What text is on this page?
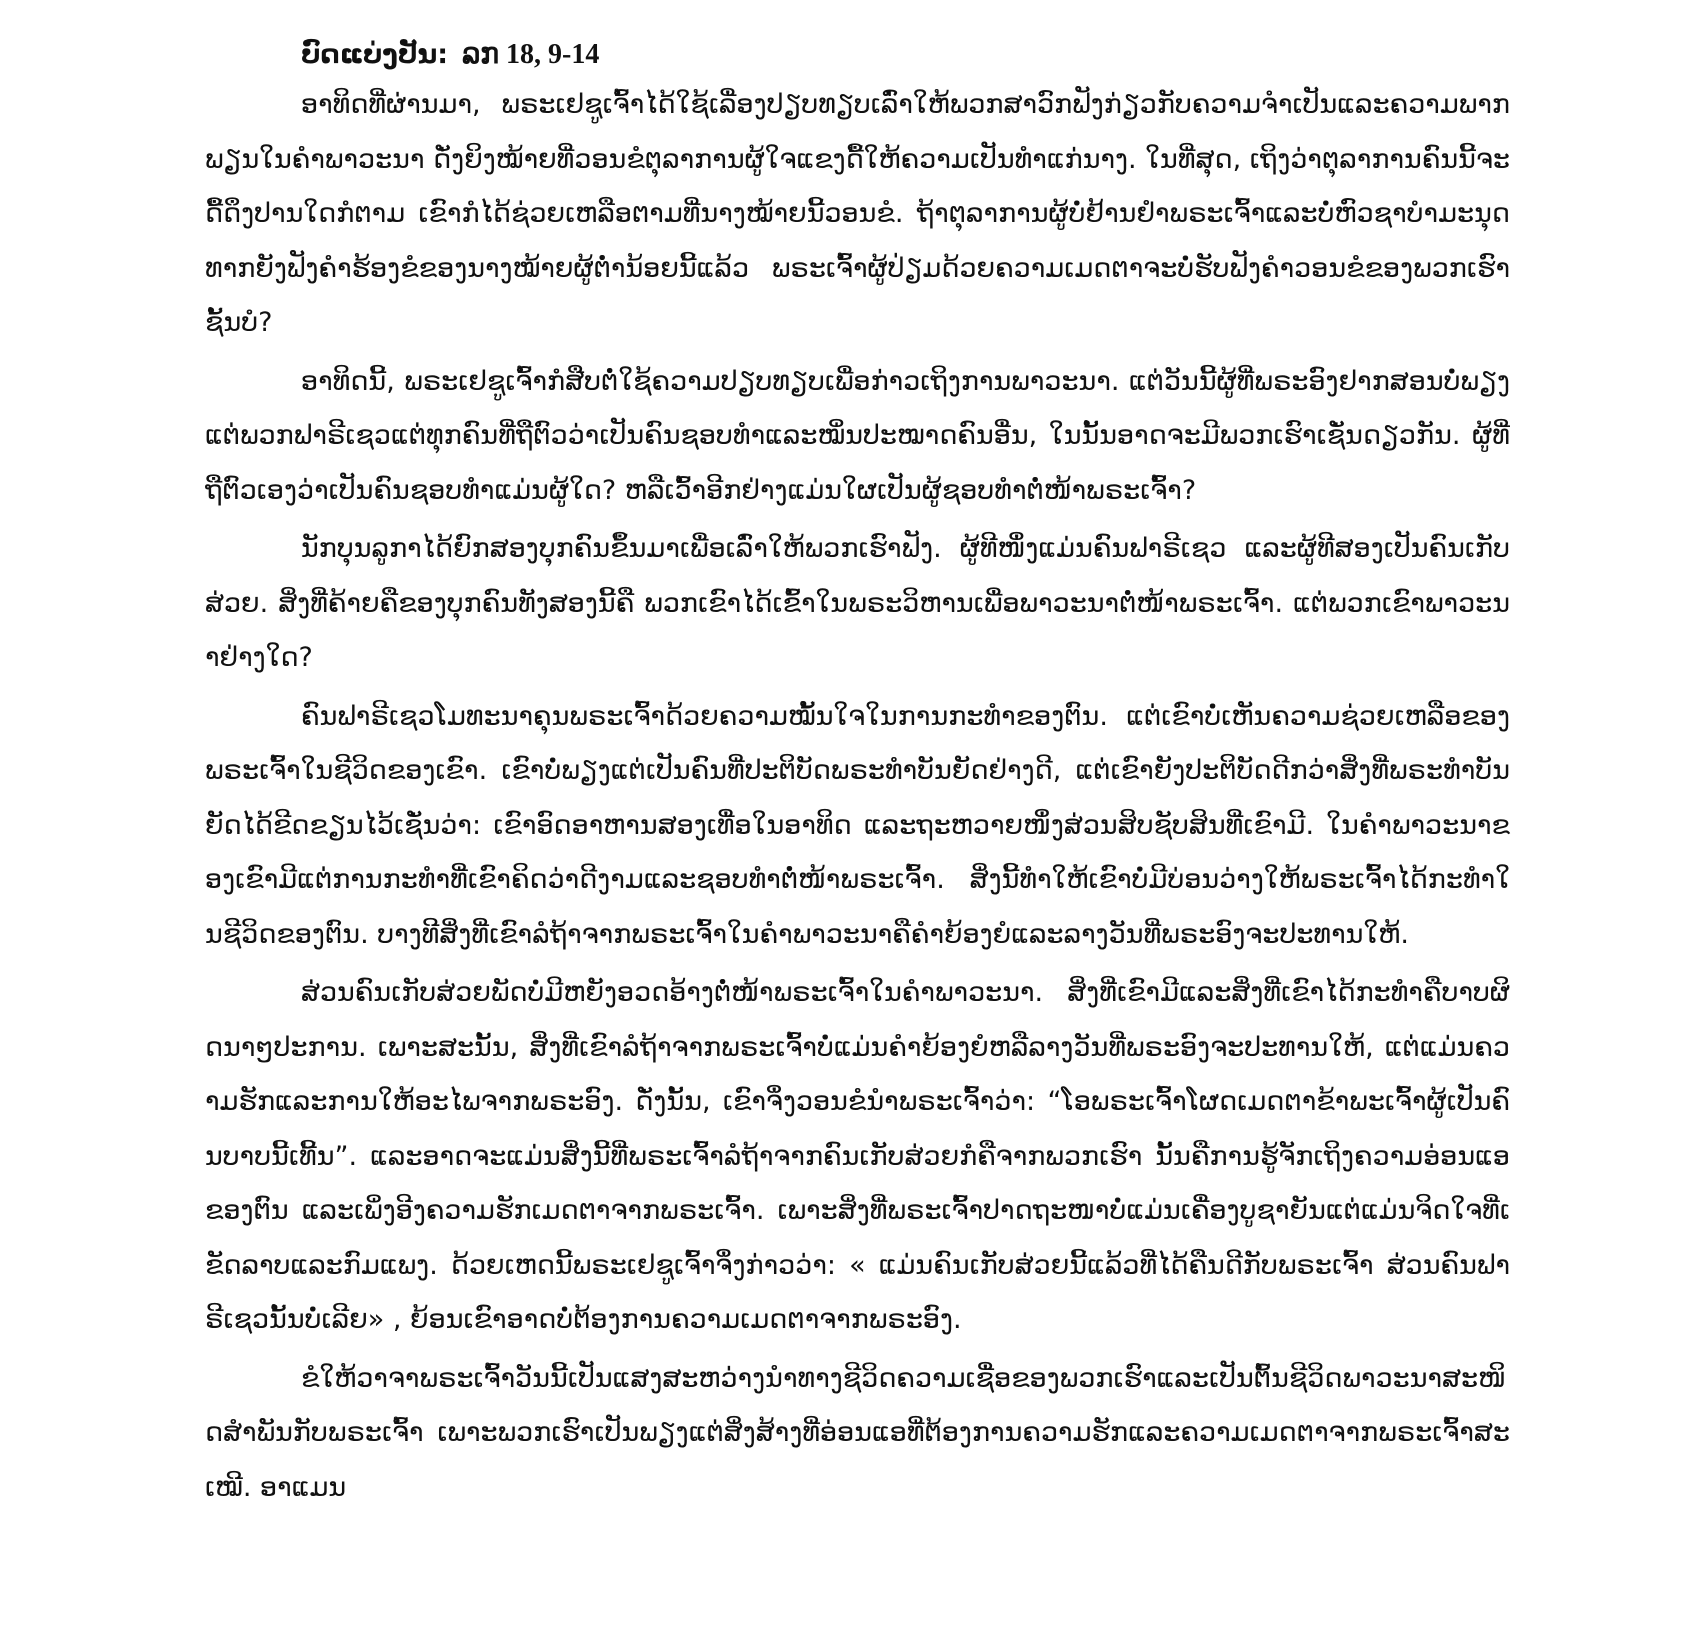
ບົດແບ່ງປັນ: ລກ 18, 9-14

ອາທິດທີ່ຜ່ານມາ, ພຣະເຢຊູເຈົ້າໄດ້ໃຊ້ເລື່ອງປຽບທຽບເລົ່າໃຫ້ພວກສາວົກຟັງກ່ຽວກັບຄວາມຈຳເປັນແລະຄວາມພາກພຽນໃນຄຳພາວະນາ ດັ່ງຍິງໝ້າຍທີ່ວອນຂໍຕຸລາການຜູ້ໃຈແຂງດື້ໃຫ້ຄວາມເປັນທຳແກ່ນາງ. ໃນທີ່ສຸດ, ເຖິງວ່າຕຸລາການຄົນນີ້ຈະດື້ດຶງປານໃດກໍຕາມ ເຂົາກໍໄດ້ຊ່ວຍເຫລືອຕາມທີ່ນາງໝ້າຍນີ້ວອນຂໍ. ຖ້າຕຸລາການຜູ້ບໍ່ຢ້ານຢຳພຣະເຈົ້າແລະບໍ່ຫົວຊາບຳມະນຸດທາກຍັງຟັງຄຳຮ້ອງຂໍຂອງນາງໝ້າຍຜູ້ຕ່ຳນ້ອຍນີ້ແລ້ວ ພຣະເຈົ້າຜູ້ປ່ຽມດ້ວຍຄວາມເມດຕາຈະບໍ່ຮັບຟັງຄຳວອນຂໍຂອງພວກເຮົາຊັ້ນບໍ?

ອາທິດນີ້, ພຣະເຢຊູເຈົ້າກໍສືບຕໍ່ໃຊ້ຄວາມປຽບທຽບເພື່ອກ່າວເຖິງການພາວະນາ. ແຕ່ວັນນີ້ຜູ້ທີ່ພຣະອົງຢາກສອນບໍ່ພຽງແຕ່ພວກຟາຣີເຊວແຕ່ທຸກຄົນທີ່ຖືຕົວວ່າເປັນຄົນຊອບທຳແລະໝິ່ນປະໝາດຄົນອື່ນ, ໃນນັ້ນອາດຈະມີພວກເຮົາເຊັ່ນດຽວກັນ. ຜູ້ທີ່ຖືຕົວເອງວ່າເປັນຄົນຊອບທຳແມ່ນຜູ້ໃດ? ຫລືເວົ້າອີກຢ່າງແມ່ນໃຜເປັນຜູ້ຊອບທຳຕໍ່ໜ້າພຣະເຈົ້າ?

ນັກບຸນລູກາໄດ້ຍົກສອງບຸກຄົນຂຶ້ນມາເພື່ອເລົ່າໃຫ້ພວກເຮົາຟັງ. ຜູ້ທີໜຶ່ງແມ່ນຄົນຟາຣີເຊວ ແລະຜູ້ທີສອງເປັນຄົນເກັບສ່ວຍ. ສິ່ງທີ່ຄ້າຍຄືຂອງບຸກຄົນທັງສອງນີ້ຄື ພວກເຂົາໄດ້ເຂົ້າໃນພຣະວິຫານເພື່ອພາວະນາຕໍ່ໜ້າພຣະເຈົ້າ. ແຕ່ພວກເຂົາພາວະນາຢ່າງໃດ?

ຄົນຟາຣີເຊວໂມທະນາຄຸນພຣະເຈົ້າດ້ວຍຄວາມໝັ້ນໃຈໃນການກະທຳຂອງຕົນ. ແຕ່ເຂົາບໍ່ເຫັນຄວາມຊ່ວຍເຫລືອຂອງພຣະເຈົ້າໃນຊີວິດຂອງເຂົາ. ເຂົາບໍ່ພຽງແຕ່ເປັນຄົນທີ່ປະຕິບັດພຣະທຳບັນຍັດຢ່າງດີ, ແຕ່ເຂົາຍັງປະຕິບັດດີກວ່າສິ່ງທີ່ພຣະທຳບັນຍັດໄດ້ຂີດຂຽນໄວ້ເຊັ່ນວ່າ: ເຂົາອົດອາຫານສອງເທື່ອໃນອາທິດ ແລະຖະຫວາຍໜຶ່ງສ່ວນສິບຊັບສິນທີ່ເຂົາມີ. ໃນຄຳພາວະນາຂອງເຂົາມີແຕ່ການກະທຳທີ່ເຂົາຄິດວ່າດີງາມແລະຊອບທຳຕໍ່ໜ້າພຣະເຈົ້າ. ສິ່ງນີ້ທຳໃຫ້ເຂົາບໍ່ມີບ່ອນວ່າງໃຫ້ພຣະເຈົ້າໄດ້ກະທຳໃນຊີວິດຂອງຕົນ. ບາງທີສິ່ງທີ່ເຂົາລໍຖ້າຈາກພຣະເຈົ້າໃນຄຳພາວະນາຄືຄຳຍ້ອງຍໍແລະລາງວັນທີ່ພຣະອົງຈະປະທານໃຫ້.

ສ່ວນຄົນເກັບສ່ວຍພັດບໍ່ມີຫຍັງອວດອ້າງຕໍ່ໜ້າພຣະເຈົ້າໃນຄຳພາວະນາ. ສິ່ງທີ່ເຂົາມີແລະສິ່ງທີ່ເຂົາໄດ້ກະທຳຄືບາບຜິດນາໆປະການ. ເພາະສະນັ້ນ, ສິ່ງທີ່ເຂົາລໍຖ້າຈາກພຣະເຈົ້າບໍ່ແມ່ນຄຳຍ້ອງຍໍຫລືລາງວັນທີ່ພຣະອົງຈະປະທານໃຫ້, ແຕ່ແມ່ນຄວາມຮັກແລະການໃຫ້ອະໄພຈາກພຣະອົງ. ດັ່ງນັ້ນ, ເຂົາຈຶ່ງວອນຂໍນຳພຣະເຈົ້າວ່າ: “ໂອພຣະເຈົ້າໂຜດເມດຕາຂ້າພະເຈົ້າຜູ້ເປັນຄົນບາບນີ້ເທີ້ນ”. ແລະອາດຈະແມ່ນສິ່ງນີ້ທີ່ພຣະເຈົ້າລໍຖ້າຈາກຄົນເກັບສ່ວຍກໍຄືຈາກພວກເຮົາ ນັ້ນຄືການຮູ້ຈັກເຖິງຄວາມອ່ອນແອຂອງຕົນ ແລະເພິ່ງອີງຄວາມຮັກເມດຕາຈາກພຣະເຈົ້າ. ເພາະສິ່ງທີ່ພຣະເຈົ້າປາດຖະໜາບໍ່ແມ່ນເຄື່ອງບູຊາຍັນແຕ່ແມ່ນຈິດໃຈທີ່ເຂັດລາບແລະກົມແພງ. ດ້ວຍເຫດນີ້ພຣະເຢຊູເຈົ້າຈຶ່ງກ່າວວ່າ: « ແມ່ນຄົນເກັບສ່ວຍນີ້ແລ້ວທີ່ໄດ້ຄືນດີກັບພຣະເຈົ້າ ສ່ວນຄົນຟາຣີເຊວນັ້ນບໍ່ເລີຍ» , ຍ້ອນເຂົາອາດບໍ່ຕ້ອງການຄວາມເມດຕາຈາກພຣະອົງ.

ຂໍໃຫ້ວາຈາພຣະເຈົ້າວັນນີ້ເປັນແສງສະຫວ່າງນຳທາງຊີວິດຄວາມເຊື່ອຂອງພວກເຮົາແລະເປັນຕົ້ນຊີວິດພາວະນາສະໜິດສຳພັນກັບພຣະເຈົ້າ ເພາະພວກເຮົາເປັນພຽງແຕ່ສິ່ງສ້າງທີ່ອ່ອນແອທີ່ຕ້ອງການຄວາມຮັກແລະຄວາມເມດຕາຈາກພຣະເຈົ້າສະເໝີ. ອາແມນ
